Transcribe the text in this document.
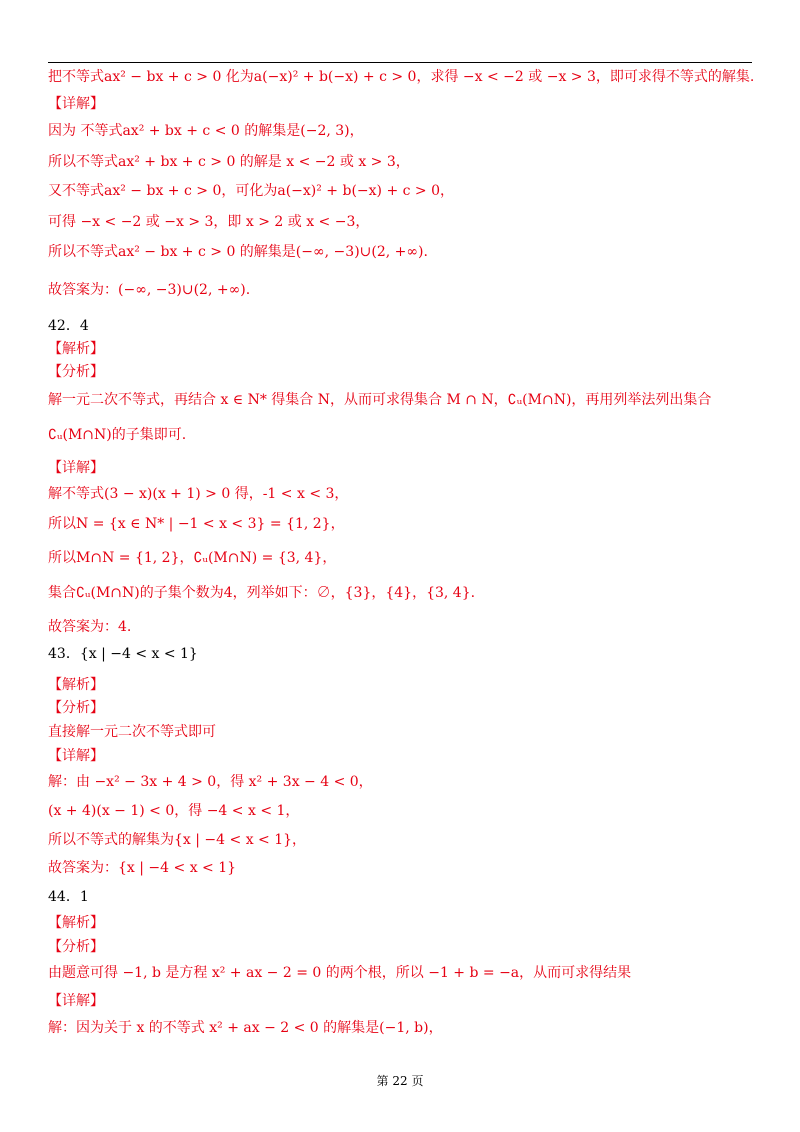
把不等式ax² − bx + c > 0 化为a(−x)² + b(−x) + c > 0，求得 −x < −2 或 −x > 3，即可求得不等式的解集.
【详解】
因为 不等式ax² + bx + c < 0 的解集是(−2, 3)，
所以不等式ax² + bx + c > 0 的解是 x < −2 或 x > 3，
又不等式ax² − bx + c > 0，可化为a(−x)² + b(−x) + c > 0，
可得 −x < −2 或 −x > 3，即 x > 2 或 x < −3，
所以不等式ax² − bx + c > 0 的解集是(−∞, −3)∪(2, +∞).
故答案为：(−∞, −3)∪(2, +∞).
42．4
【解析】
【分析】
解一元二次不等式，再结合 x ∈ N* 得集合 N，从而可求得集合 M ∩ N，∁ᵤ(M∩N)，再用列举法列出集合
∁ᵤ(M∩N)的子集即可.
【详解】
解不等式(3 − x)(x + 1) > 0 得，-1 < x < 3，
所以N = {x ∈ N* | −1 < x < 3} = {1, 2}，
所以M∩N = {1, 2}，∁ᵤ(M∩N) = {3, 4}，
集合∁ᵤ(M∩N)的子集个数为4，列举如下：∅，{3}，{4}，{3, 4}.
故答案为：4.
43．{x | −4 < x < 1}
【解析】
【分析】
直接解一元二次不等式即可
【详解】
解：由 −x² − 3x + 4 > 0，得 x² + 3x − 4 < 0，
(x + 4)(x − 1) < 0，得 −4 < x < 1，
所以不等式的解集为{x | −4 < x < 1}，
故答案为：{x | −4 < x < 1}
44．1
【解析】
【分析】
由题意可得 −1, b 是方程 x² + ax − 2 = 0 的两个根，所以 −1 + b = −a，从而可求得结果
【详解】
解：因为关于 x 的不等式 x² + ax − 2 < 0 的解集是(−1, b)，
第 22 页
